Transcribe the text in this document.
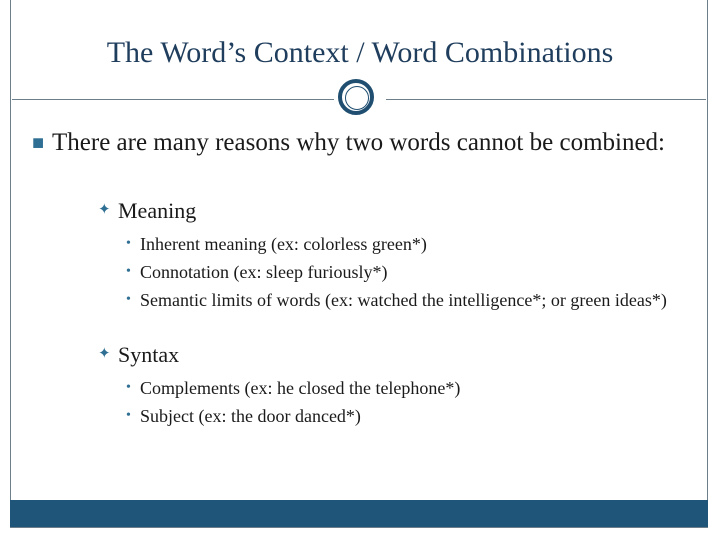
The Word’s Context / Word Combinations
■ There are many reasons why two words cannot be combined:
✦ Meaning
• Inherent meaning (ex: colorless green*)
• Connotation (ex: sleep furiously*)
• Semantic limits of words (ex: watched the intelligence*; or green ideas*)
✦ Syntax
• Complements (ex: he closed the telephone*)
• Subject (ex: the door danced*)
